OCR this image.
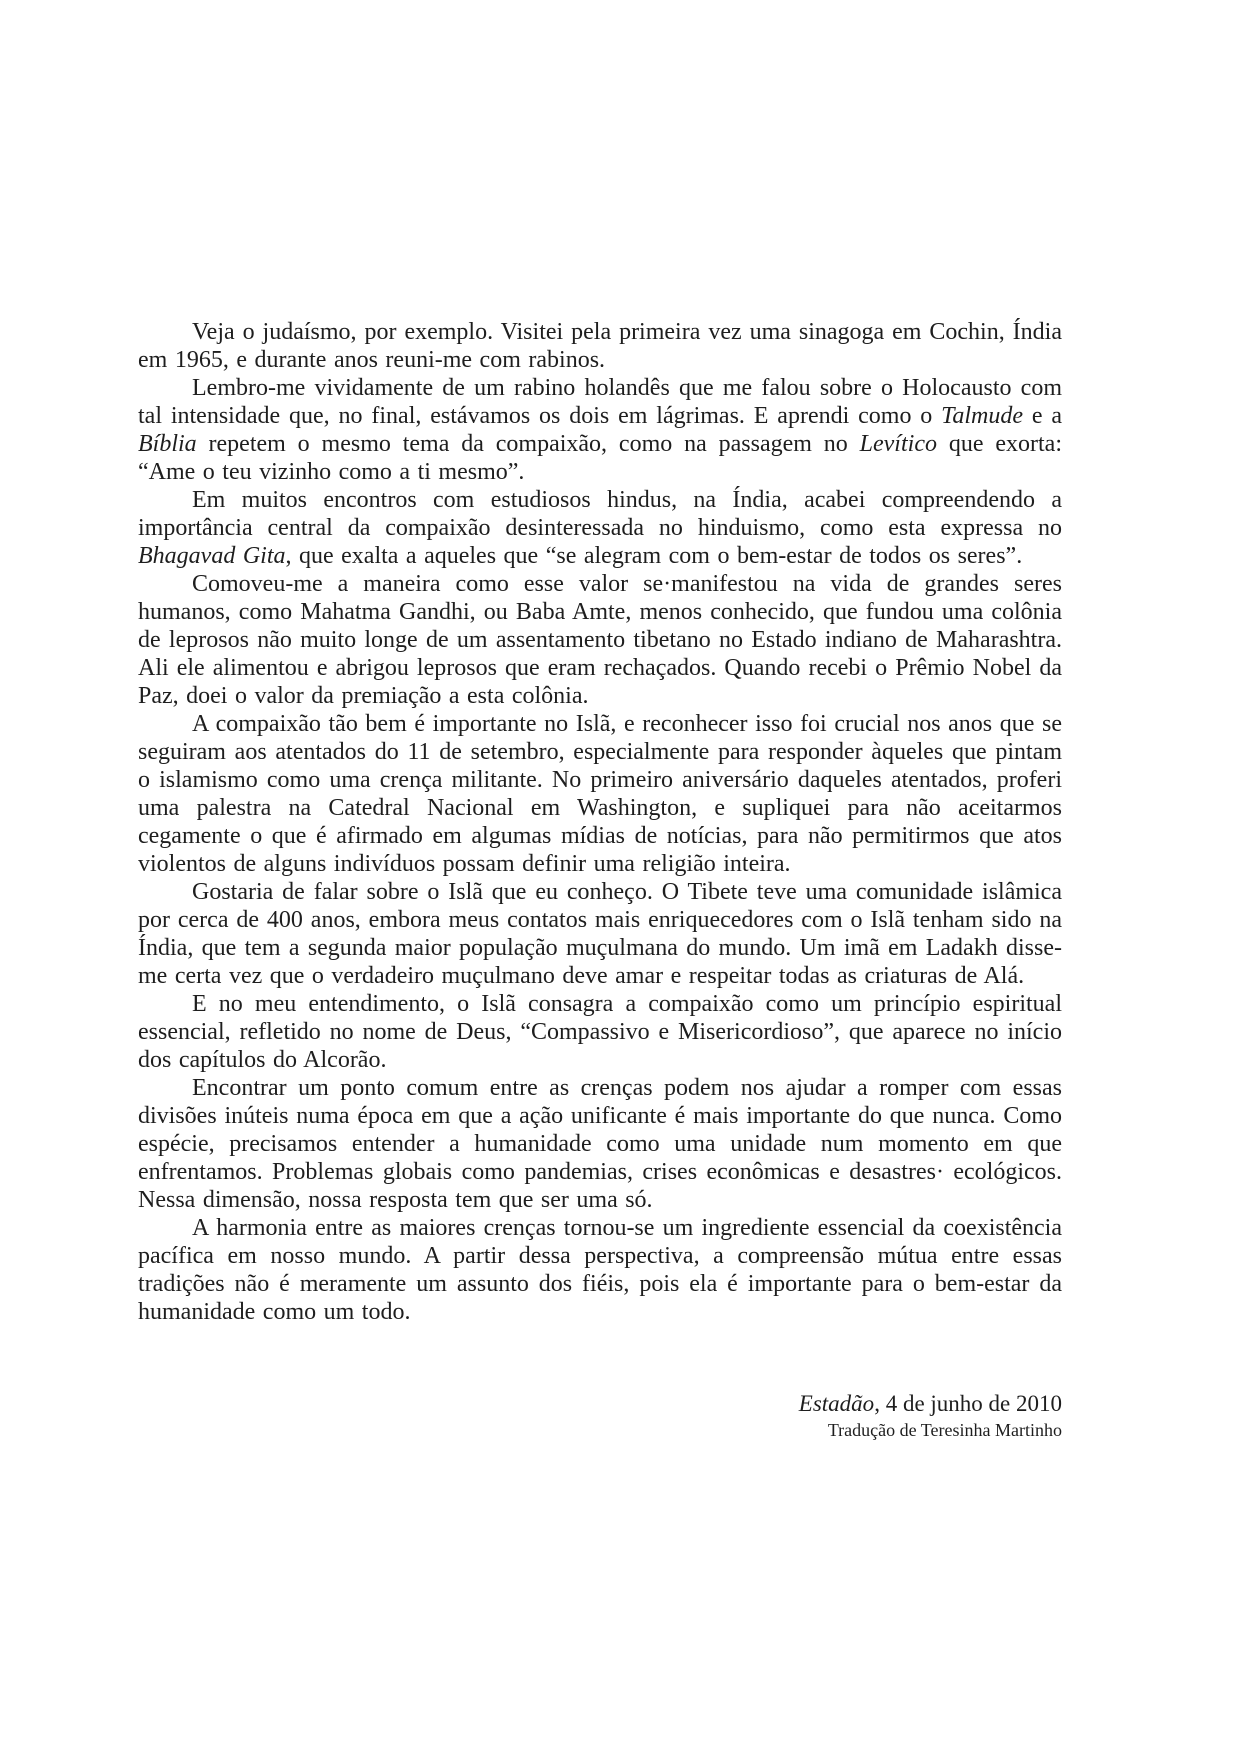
Veja o judaísmo, por exemplo. Visitei pela primeira vez uma sinagoga em Cochin, Índia em 1965, e durante anos reuni-me com rabinos.

Lembro-me vividamente de um rabino holandês que me falou sobre o Holocausto com tal intensidade que, no final, estávamos os dois em lágrimas. E aprendi como o Talmude e a Bíblia repetem o mesmo tema da compaixão, como na passagem no Levítico que exorta: “Ame o teu vizinho como a ti mesmo”.

Em muitos encontros com estudiosos hindus, na Índia, acabei compreendendo a importância central da compaixão desinteressada no hinduismo, como esta expressa no Bhagavad Gita, que exalta a aqueles que “se alegram com o bem-estar de todos os seres”.

Comoveu-me a maneira como esse valor se·manifestou na vida de grandes seres humanos, como Mahatma Gandhi, ou Baba Amte, menos conhecido, que fundou uma colônia de leprosos não muito longe de um assentamento tibetano no Estado indiano de Maharashtra. Ali ele alimentou e abrigou leprosos que eram rechaçados. Quando recebi o Prêmio Nobel da Paz, doei o valor da premiação a esta colônia.

A compaixão tão bem é importante no Islã, e reconhecer isso foi crucial nos anos que se seguiram aos atentados do 11 de setembro, especialmente para responder àqueles que pintam o islamismo como uma crença militante. No primeiro aniversário daqueles atentados, proferi uma palestra na Catedral Nacional em Washington, e supliquei para não aceitarmos cegamente o que é afirmado em algumas mídias de notícias, para não permitirmos que atos violentos de alguns indivíduos possam definir uma religião inteira.

Gostaria de falar sobre o Islã que eu conheço. O Tibete teve uma comunidade islâmica por cerca de 400 anos, embora meus contatos mais enriquecedores com o Islã tenham sido na Índia, que tem a segunda maior população muçulmana do mundo. Um imã em Ladakh disse-me certa vez que o verdadeiro muçulmano deve amar e respeitar todas as criaturas de Alá.

E no meu entendimento, o Islã consagra a compaixão como um princípio espiritual essencial, refletido no nome de Deus, “Compassivo e Misericordioso”, que aparece no início dos capítulos do Alcorão.

Encontrar um ponto comum entre as crenças podem nos ajudar a romper com essas divisões inúteis numa época em que a ação unificante é mais importante do que nunca. Como espécie, precisamos entender a humanidade como uma unidade num momento em que enfrentamos. Problemas globais como pandemias, crises econômicas e desastres· ecológicos. Nessa dimensão, nossa resposta tem que ser uma só.

A harmonia entre as maiores crenças tornou-se um ingrediente essencial da coexistência pacífica em nosso mundo. A partir dessa perspectiva, a compreensão mútua entre essas tradições não é meramente um assunto dos fiéis, pois ela é importante para o bem-estar da humanidade como um todo.

Estadão, 4 de junho de 2010
Tradução de Teresinha Martinho
